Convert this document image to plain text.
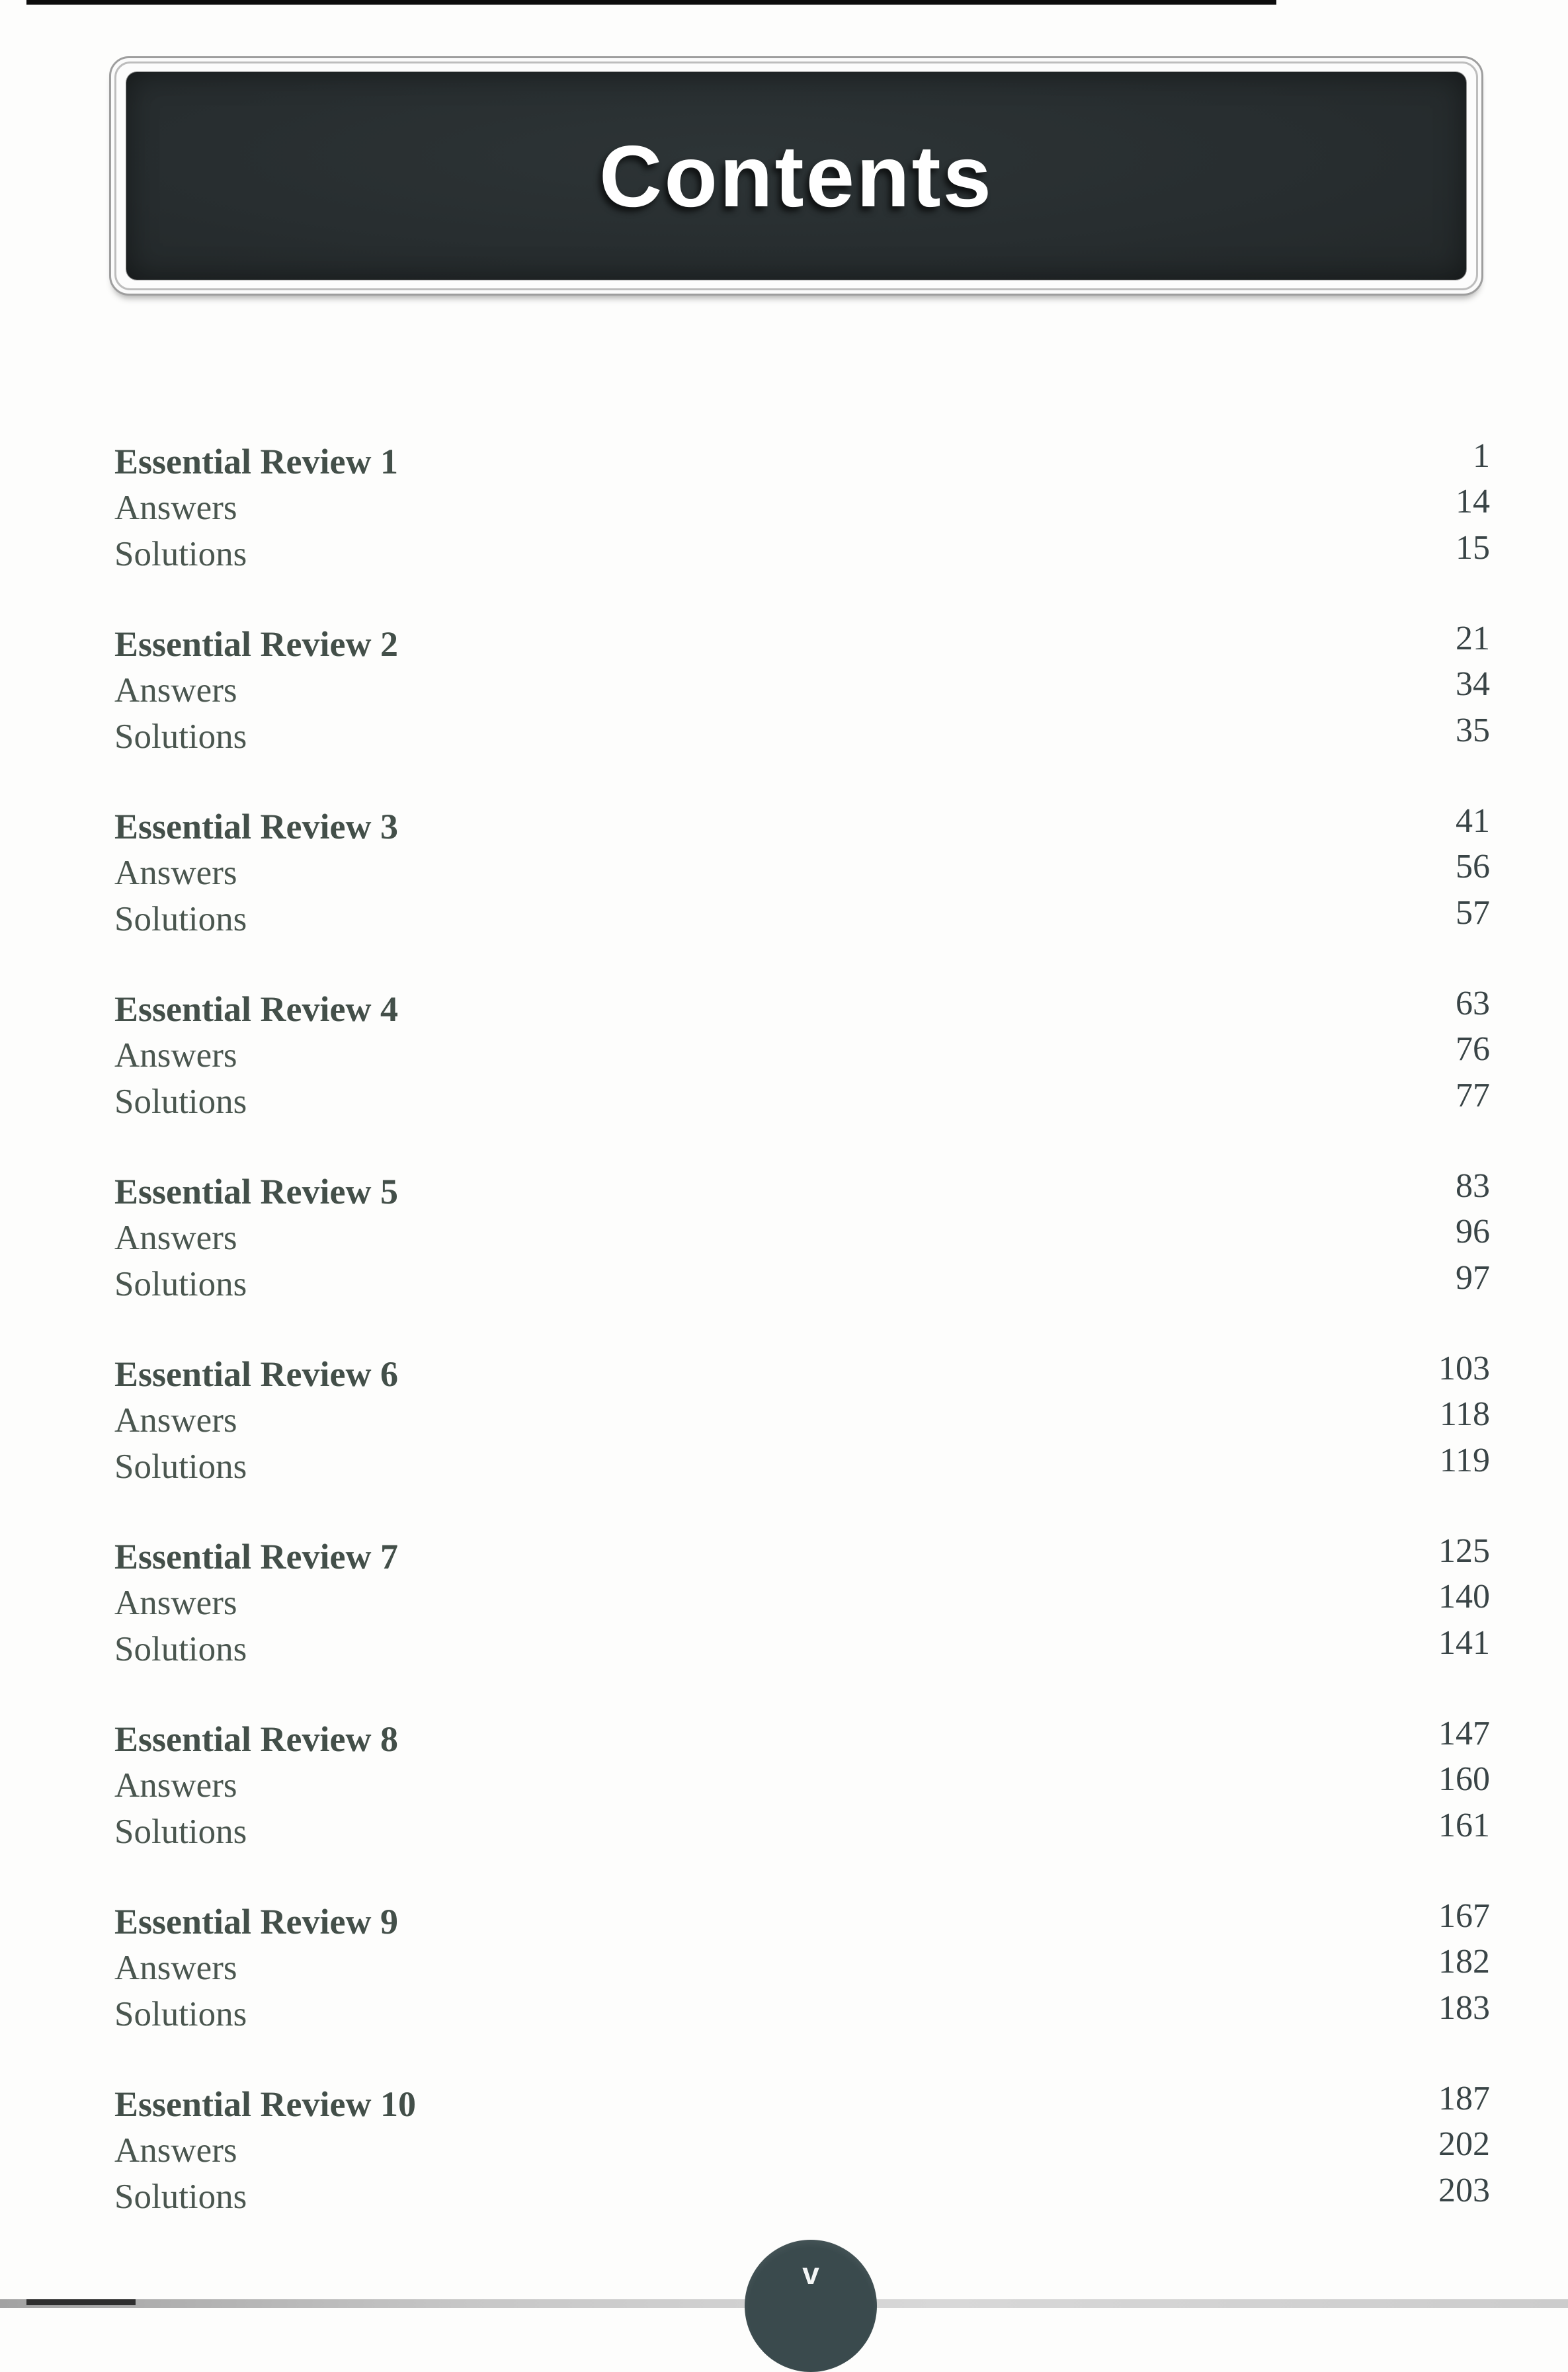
Contents
Essential Review 1	1
Answers	14
Solutions	15
Essential Review 2	21
Answers	34
Solutions	35
Essential Review 3	41
Answers	56
Solutions	57
Essential Review 4	63
Answers	76
Solutions	77
Essential Review 5	83
Answers	96
Solutions	97
Essential Review 6	103
Answers	118
Solutions	119
Essential Review 7	125
Answers	140
Solutions	141
Essential Review 8	147
Answers	160
Solutions	161
Essential Review 9	167
Answers	182
Solutions	183
Essential Review 10	187
Answers	202
Solutions	203
v
